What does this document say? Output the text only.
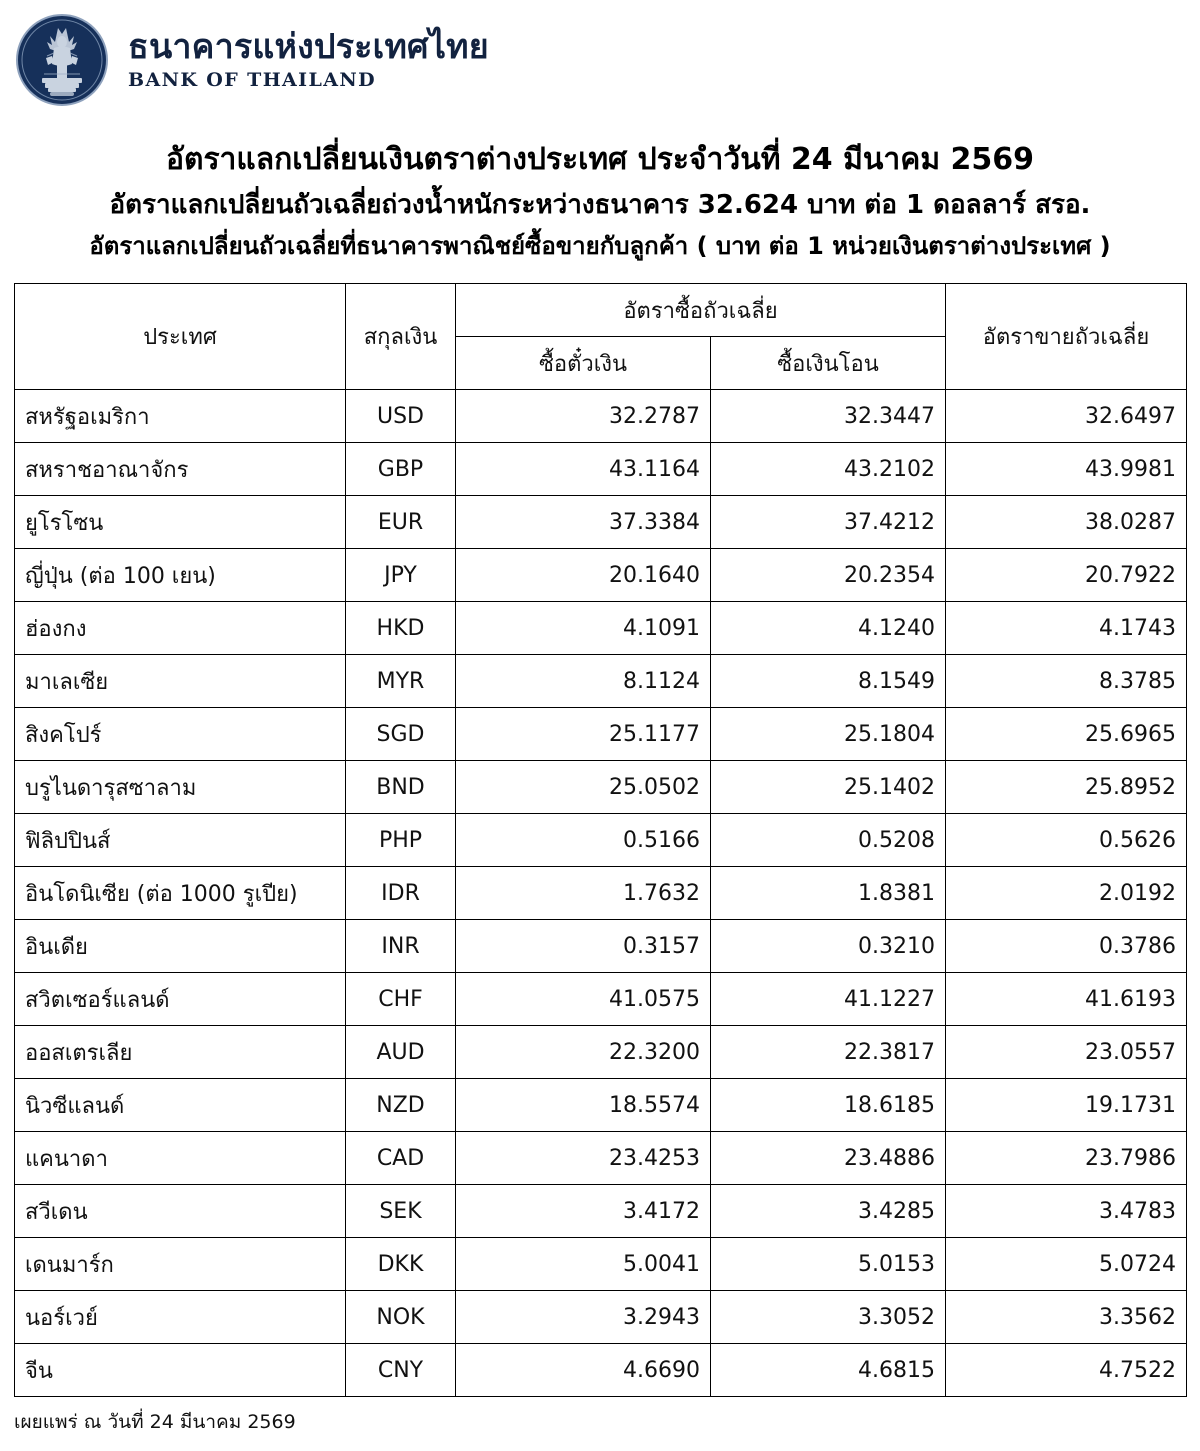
ธนาคารแห่งประเทศไทย
BANK OF THAILAND
อัตราแลกเปลี่ยนเงินตราต่างประเทศ ประจำวันที่ 24 มีนาคม 2569
อัตราแลกเปลี่ยนถัวเฉลี่ยถ่วงน้ำหนักระหว่างธนาคาร 32.624 บาท ต่อ 1 ดอลลาร์ สรอ.
อัตราแลกเปลี่ยนถัวเฉลี่ยที่ธนาคารพาณิชย์ซื้อขายกับลูกค้า ( บาท ต่อ 1 หน่วยเงินตราต่างประเทศ )
ประเทศ	สกุลเงิน	อัตราซื้อถัวเฉลี่ย		อัตราขายถัวเฉลี่ย
		ซื้อตั๋วเงิน	ซื้อเงินโอน	
สหรัฐอเมริกา	USD	32.2787	32.3447	32.6497
สหราชอาณาจักร	GBP	43.1164	43.2102	43.9981
ยูโรโซน	EUR	37.3384	37.4212	38.0287
ญี่ปุ่น (ต่อ 100 เยน)	JPY	20.1640	20.2354	20.7922
ฮ่องกง	HKD	4.1091	4.1240	4.1743
มาเลเซีย	MYR	8.1124	8.1549	8.3785
สิงคโปร์	SGD	25.1177	25.1804	25.6965
บรูไนดารุสซาลาม	BND	25.0502	25.1402	25.8952
ฟิลิปปินส์	PHP	0.5166	0.5208	0.5626
อินโดนิเซีย (ต่อ 1000 รูเปีย)	IDR	1.7632	1.8381	2.0192
อินเดีย	INR	0.3157	0.3210	0.3786
สวิตเซอร์แลนด์	CHF	41.0575	41.1227	41.6193
ออสเตรเลีย	AUD	22.3200	22.3817	23.0557
นิวซีแลนด์	NZD	18.5574	18.6185	19.1731
แคนาดา	CAD	23.4253	23.4886	23.7986
สวีเดน	SEK	3.4172	3.4285	3.4783
เดนมาร์ก	DKK	5.0041	5.0153	5.0724
นอร์เวย์	NOK	3.2943	3.3052	3.3562
จีน	CNY	4.6690	4.6815	4.7522
เผยแพร่ ณ วันที่ 24 มีนาคม 2569
